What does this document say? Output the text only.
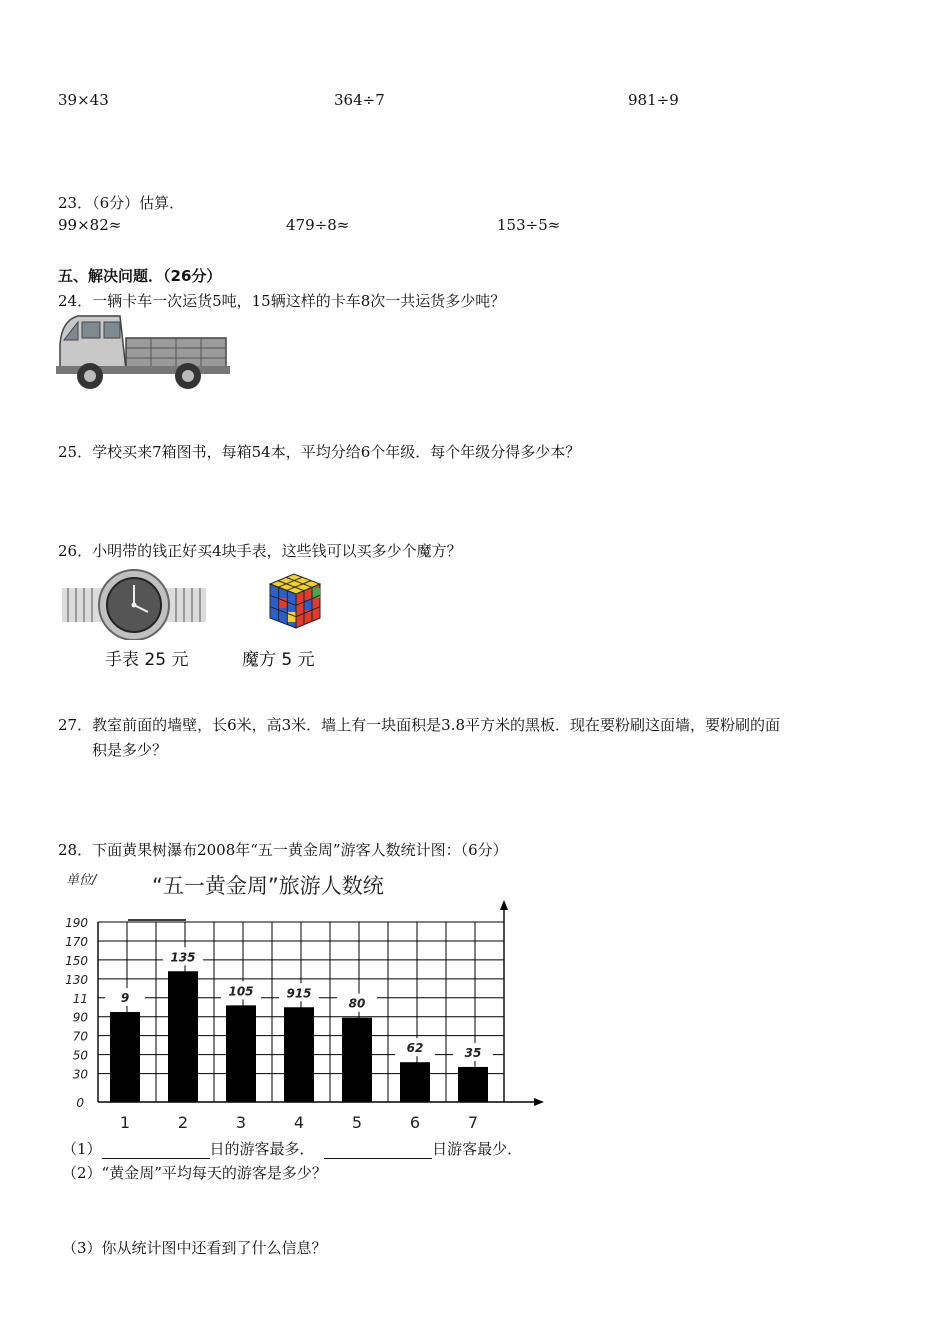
39×43	364÷7	981÷9
23．（6分）估算．
99×82≈	479÷8≈	153÷5≈
五、解决问题．（26分）
24．一辆卡车一次运货5吨，15辆这样的卡车8次一共运货多少吨？
25．学校买来7箱图书，每箱54本，平均分给6个年级．每个年级分得多少本？
26．小明带的钱正好买4块手表，这些钱可以买多少个魔方？
手表 25 元	魔方 5 元
27．教室前面的墙壁，长6米，高3米．墙上有一块面积是3.8平方米的黑板．现在要粉刷这面墙，要粉刷的面
积是多少？
28．下面黄果树瀑布2008年“五一黄金周”游客人数统计图：（6分）
单位/	“五一黄金周”旅游人数统
9
135
105	915
80
62	35
190
170
150
130
11
90
70
50
30
0
1	2	3	4	5	6	7
（1）	日的游客最多．	日游客最少．
（2）“黄金周”平均每天的游客是多少？
（3）你从统计图中还看到了什么信息？
